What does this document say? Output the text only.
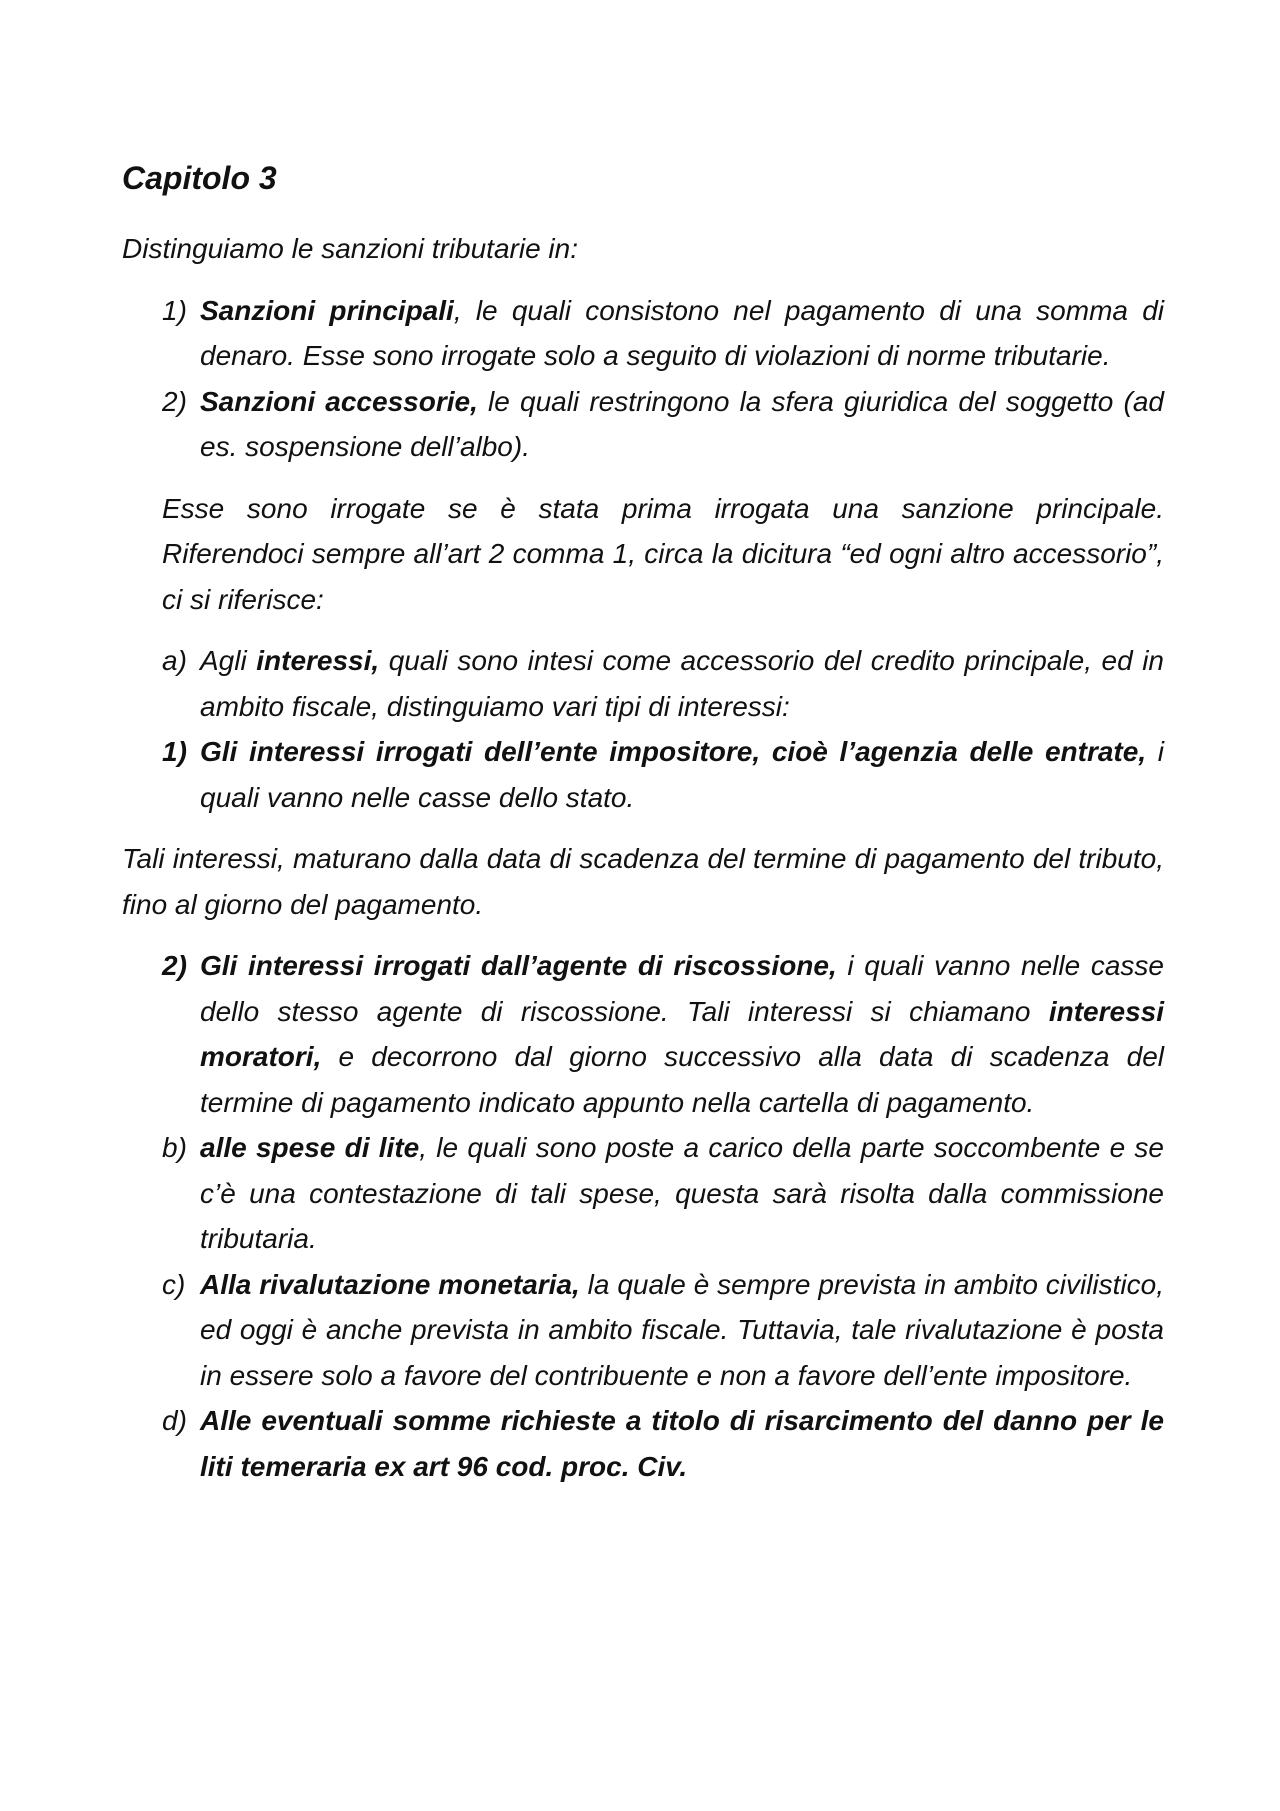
Capitolo 3

Distinguiamo le sanzioni tributarie in:

1) Sanzioni principali, le quali consistono nel pagamento di una somma di denaro. Esse sono irrogate solo a seguito di violazioni di norme tributarie.
2) Sanzioni accessorie, le quali restringono la sfera giuridica del soggetto (ad es. sospensione dell’albo).

Esse sono irrogate se è stata prima irrogata una sanzione principale. Riferendoci sempre all’art 2 comma 1, circa la dicitura “ed ogni altro accessorio”, ci si riferisce:

a) Agli interessi, quali sono intesi come accessorio del credito principale, ed in ambito fiscale, distinguiamo vari tipi di interessi:
1) Gli interessi irrogati dell’ente impositore, cioè l’agenzia delle entrate, i quali vanno nelle casse dello stato.

Tali interessi, maturano dalla data di scadenza del termine di pagamento del tributo, fino al giorno del pagamento.

2) Gli interessi irrogati dall’agente di riscossione, i quali vanno nelle casse dello stesso agente di riscossione. Tali interessi si chiamano interessi moratori, e decorrono dal giorno successivo alla data di scadenza del termine di pagamento indicato appunto nella cartella di pagamento.
b) alle spese di lite, le quali sono poste a carico della parte soccombente e se c’è una contestazione di tali spese, questa sarà risolta dalla commissione tributaria.
c) Alla rivalutazione monetaria, la quale è sempre prevista in ambito civilistico, ed oggi è anche prevista in ambito fiscale. Tuttavia, tale rivalutazione è posta in essere solo a favore del contribuente e non a favore dell’ente impositore.
d) Alle eventuali somme richieste a titolo di risarcimento del danno per le liti temeraria ex art 96 cod. proc. Civ.
